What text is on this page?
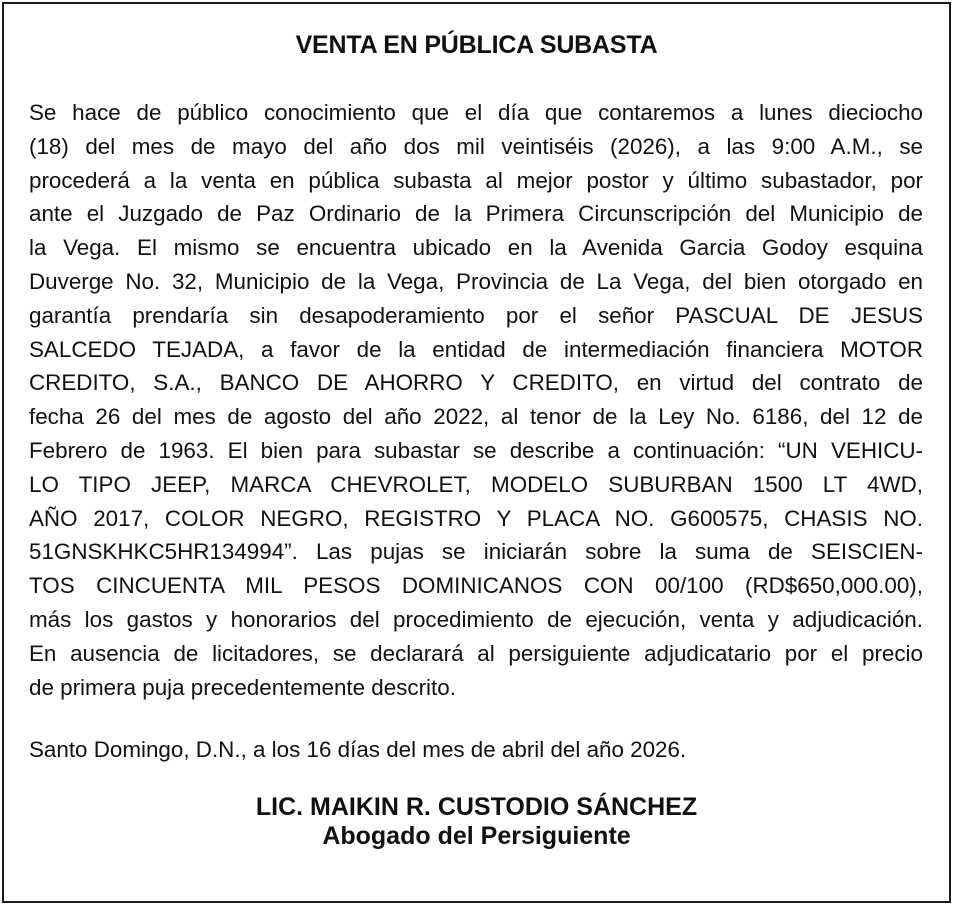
VENTA EN PÚBLICA SUBASTA
Se hace de público conocimiento que el día que contaremos a lunes dieciocho
(18) del mes de mayo del año dos mil veintiséis (2026), a las 9:00 A.M., se
procederá a la venta en pública subasta al mejor postor y último subastador, por
ante el Juzgado de Paz Ordinario de la Primera Circunscripción del Municipio de
la Vega. El mismo se encuentra ubicado en la Avenida Garcia Godoy esquina
Duverge No. 32, Municipio de la Vega, Provincia de La Vega, del bien otorgado en
garantía prendaría sin desapoderamiento por el señor PASCUAL DE JESUS
SALCEDO TEJADA, a favor de la entidad de intermediación financiera MOTOR
CREDITO, S.A., BANCO DE AHORRO Y CREDITO, en virtud del contrato de
fecha 26 del mes de agosto del año 2022, al tenor de la Ley No. 6186, del 12 de
Febrero de 1963. El bien para subastar se describe a continuación: “UN VEHICU-
LO TIPO JEEP, MARCA CHEVROLET, MODELO SUBURBAN 1500 LT 4WD,
AÑO 2017, COLOR NEGRO, REGISTRO Y PLACA NO. G600575, CHASIS NO.
51GNSKHKC5HR134994”. Las pujas se iniciarán sobre la suma de SEISCIEN-
TOS CINCUENTA MIL PESOS DOMINICANOS CON 00/100 (RD$650,000.00),
más los gastos y honorarios del procedimiento de ejecución, venta y adjudicación.
En ausencia de licitadores, se declarará al persiguiente adjudicatario por el precio
de primera puja precedentemente descrito.
Santo Domingo, D.N., a los 16 días del mes de abril del año 2026.
LIC. MAIKIN R. CUSTODIO SÁNCHEZ
Abogado del Persiguiente
